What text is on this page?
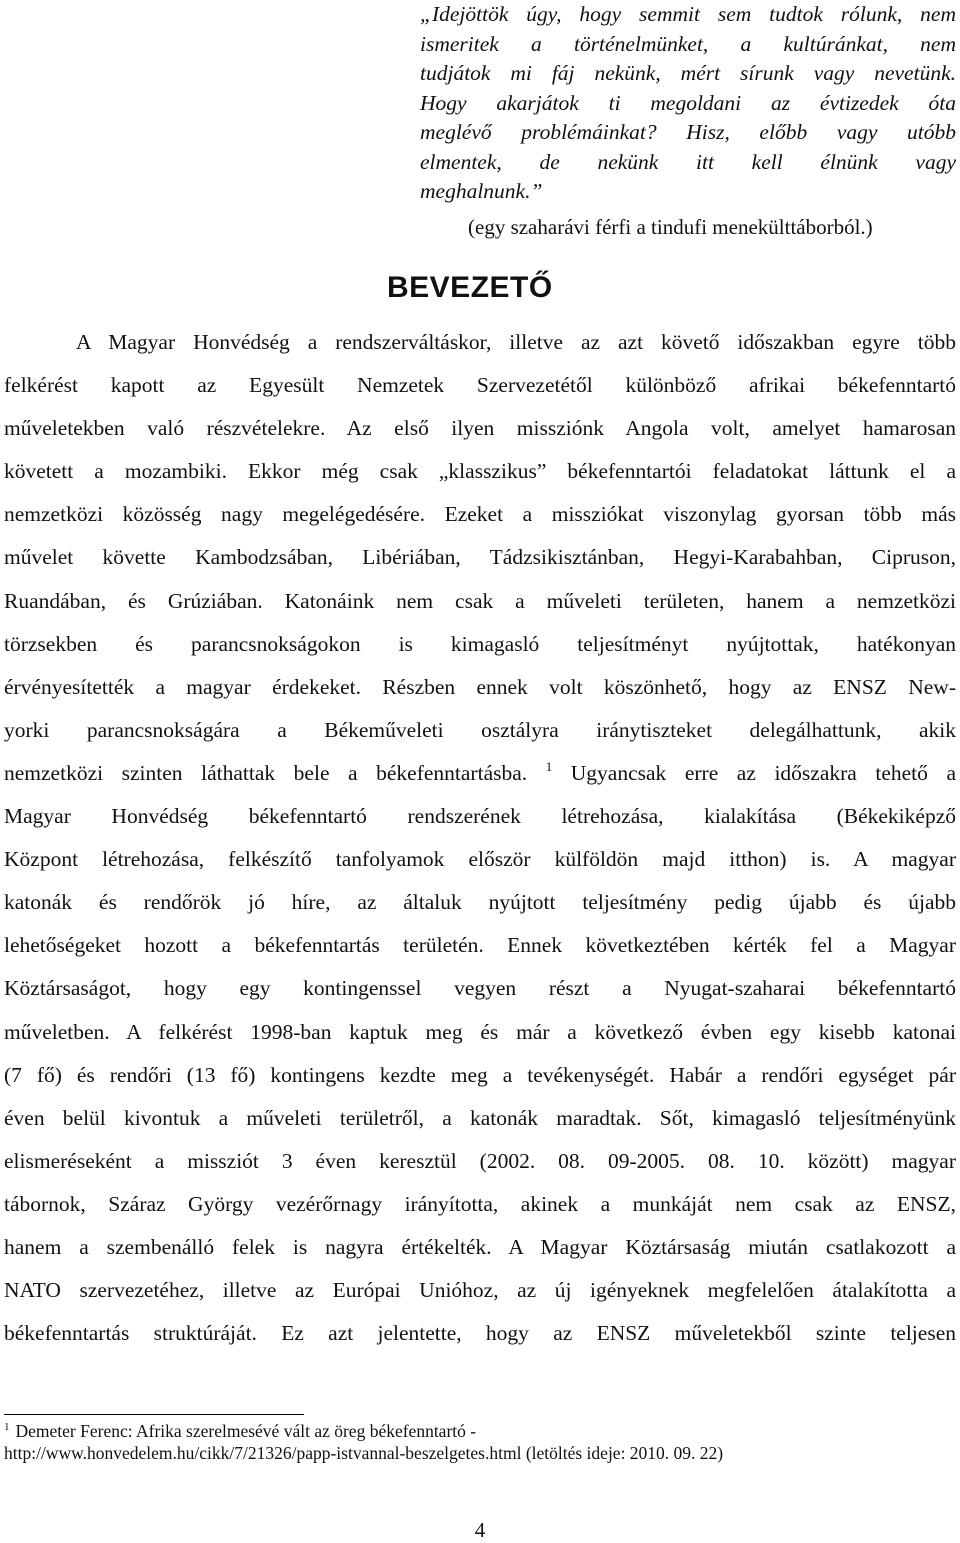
„Idejöttök úgy, hogy semmit sem tudtok rólunk, nem
ismeritek a történelmünket, a kultúránkat, nem
tudjátok mi fáj nekünk, mért sírunk vagy nevetünk.
Hogy akarjátok ti megoldani az évtizedek óta
meglévő problémáinkat? Hisz, előbb vagy utóbb
elmentek, de nekünk itt kell élnünk vagy
meghalnunk.”
(egy szaharávi férfi a tindufi menekülttáborból.)
BEVEZETŐ
A Magyar Honvédség a rendszerváltáskor, illetve az azt követő időszakban egyre több
felkérést kapott az Egyesült Nemzetek Szervezetétől különböző afrikai békefenntartó
műveletekben való részvételekre. Az első ilyen missziónk Angola volt, amelyet hamarosan
követett a mozambiki. Ekkor még csak „klasszikus” békefenntartói feladatokat láttunk el a
nemzetközi közösség nagy megelégedésére. Ezeket a missziókat viszonylag gyorsan több más
művelet követte Kambodzsában, Libériában, Tádzsikisztánban, Hegyi-Karabahban, Cipruson,
Ruandában, és Grúziában. Katonáink nem csak a műveleti területen, hanem a nemzetközi
törzsekben és parancsnokságokon is kimagasló teljesítményt nyújtottak, hatékonyan
érvényesítették a magyar érdekeket. Részben ennek volt köszönhető, hogy az ENSZ New-
yorki parancsnokságára a Békeműveleti osztályra iránytiszteket delegálhattunk, akik
nemzetközi szinten láthattak bele a békefenntartásba. $^1$ Ugyancsak erre az időszakra tehető a
Magyar Honvédség békefenntartó rendszerének létrehozása, kialakítása (Békekiképző
Központ létrehozása, felkészítő tanfolyamok először külföldön majd itthon) is. A magyar
katonák és rendőrök jó híre, az általuk nyújtott teljesítmény pedig újabb és újabb
lehetőségeket hozott a békefenntartás területén. Ennek következtében kérték fel a Magyar
Köztársaságot, hogy egy kontingenssel vegyen részt a Nyugat-szaharai békefenntartó
műveletben. A felkérést 1998-ban kaptuk meg és már a következő évben egy kisebb katonai
(7 fő) és rendőri (13 fő) kontingens kezdte meg a tevékenységét. Habár a rendőri egységet pár
éven belül kivontuk a műveleti területről, a katonák maradtak. Sőt, kimagasló teljesítményünk
elismeréseként a missziót 3 éven keresztül (2002. 08. 09-2005. 08. 10. között) magyar
tábornok, Száraz György vezérőrnagy irányította, akinek a munkáját nem csak az ENSZ,
hanem a szembenálló felek is nagyra értékelték. A Magyar Köztársaság miután csatlakozott a
NATO szervezetéhez, illetve az Európai Unióhoz, az új igényeknek megfelelően átalakította a
békefenntartás struktúráját. Ez azt jelentette, hogy az ENSZ műveletekből szinte teljesen
$^1$ Demeter Ferenc: Afrika szerelmesévé vált az öreg békefenntartó -
http://www.honvedelem.hu/cikk/7/21326/papp-istvannal-beszelgetes.html (letöltés ideje: 2010. 09. 22)
4
